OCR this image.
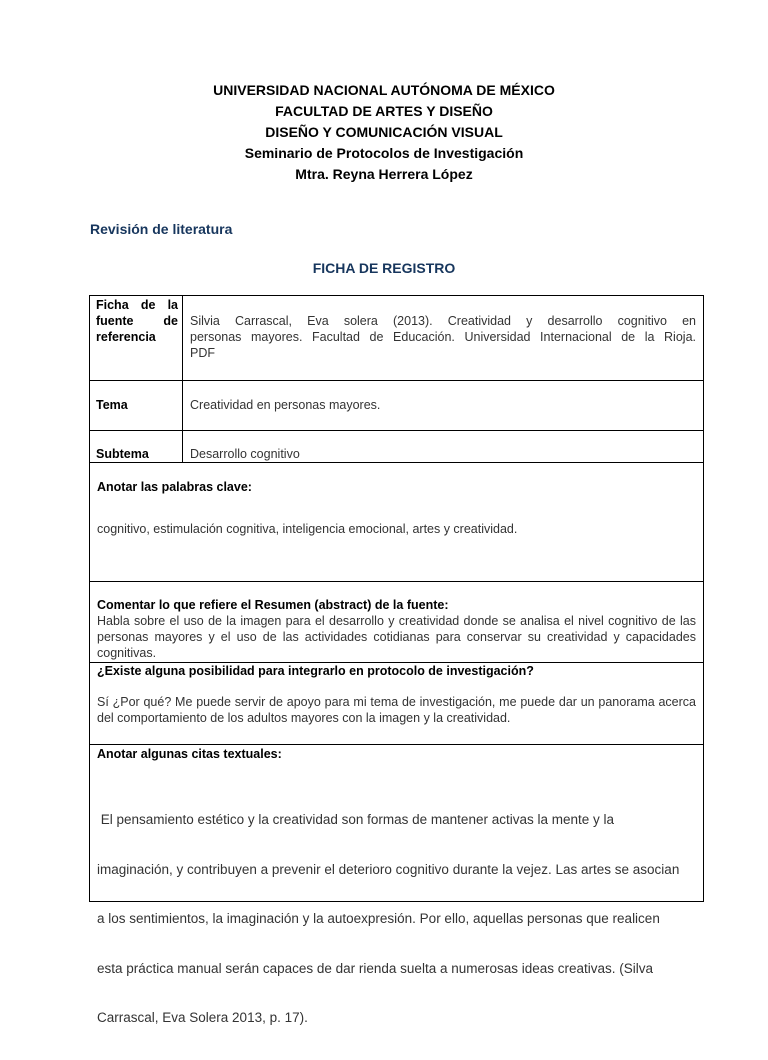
UNIVERSIDAD NACIONAL AUTÓNOMA DE MÉXICO
FACULTAD DE ARTES Y DISEÑO
DISEÑO Y COMUNICACIÓN VISUAL
Seminario de Protocolos de Investigación
Mtra. Reyna Herrera López
Revisión de literatura
FICHA DE REGISTRO
Ficha de la
fuente de
referencia
Silvia Carrascal, Eva solera (2013). Creatividad y desarrollo cognitivo en
personas mayores. Facultad de Educación. Universidad Internacional de la Rioja.
PDF
Tema	Creatividad en personas mayores.
Subtema	Desarrollo cognitivo
Anotar las palabras clave:
cognitivo, estimulación cognitiva, inteligencia emocional, artes y creatividad.
Comentar lo que refiere el Resumen (abstract) de la fuente:
Habla sobre el uso de la imagen para el desarrollo y creatividad donde se analisa el nivel cognitivo de las personas mayores y el uso de las actividades cotidianas para conservar su creatividad y capacidades cognitivas.
¿Existe alguna posibilidad para integrarlo en protocolo de investigación?
Sí ¿Por qué? Me puede servir de apoyo para mi tema de investigación, me puede dar un panorama acerca del comportamiento de los adultos mayores con la imagen y la creatividad.
Anotar algunas citas textuales:

El pensamiento estético y la creatividad son formas de mantener activas la mente y la

imaginación, y contribuyen a prevenir el deterioro cognitivo durante la vejez. Las artes se asocian

a los sentimientos, la imaginación y la autoexpresión. Por ello, aquellas personas que realicen

esta práctica manual serán capaces de dar rienda suelta a numerosas ideas creativas. (Silva

Carrascal, Eva Solera 2013, p. 17).
